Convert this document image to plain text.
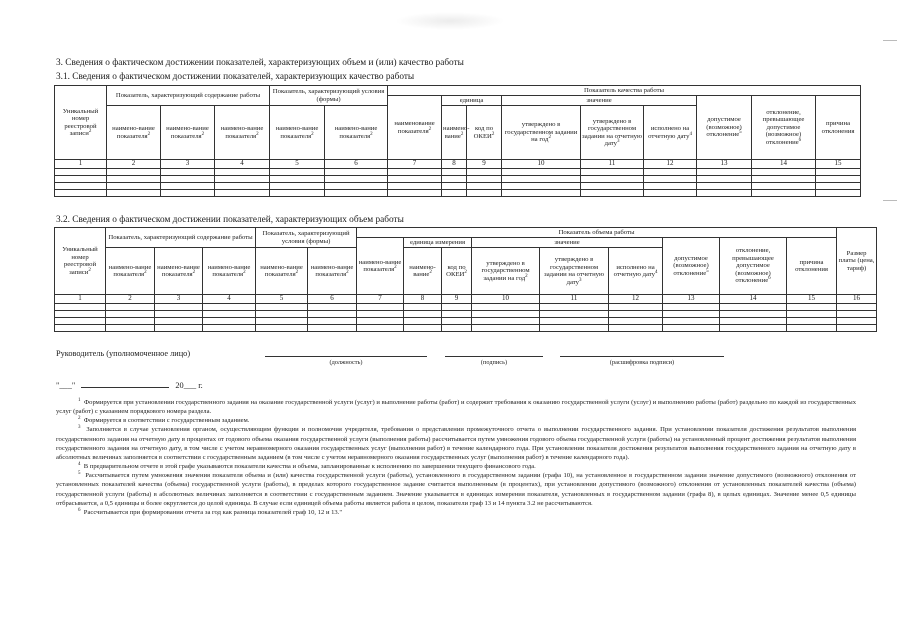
3. Сведения о фактическом достижении показателей, характеризующих объем и (или) качество работы
3.1. Сведения о фактическом достижении показателей, характеризующих качество работы
Уникальный номер реестровой записи$^2$	Показатель, характеризующий содержание работы			Показатель, характеризующий условия (формы)		Показатель качества работы								
						наименование показателя$^2$	единица		значение			допустимое (возможное) отклонение$^5$	отклонение, превышающее допустимое (возможное) отклонение$^6$	причина отклонения
	наимено-вание показателя$^2$	наимено-вание показателя$^2$	наимено-вание показателя$^2$	наимено-вание показателя$^2$	наимено-вание показателя$^2$		наимено-вание$^2$	код по ОКЕИ$^2$	утверждено в государственном задании на год$^2$	утверждено в государственном задании на отчетную дату$^3$	исполнено на отчетную дату$^4$
1	2	3	4	5	6	7	8	9	10	11	12	13	14	15

3.2. Сведения о фактическом достижении показателей, характеризующих объем работы
Уникальный номер реестровой записи$^2$	Показатель, характеризующий содержание работы			Показатель, характеризующий условия (формы)		Показатель объема работы									Размер платы (цена, тариф)
						наимено-вание показателя$^2$	единица измерения		значение			допустимое (возможное) отклонение$^5$	отклонение, превышающее допустимое (возможное) отклонение$^6$	причина отклонения	
	наимено-вание показателя$^2$	наимено-вание показателя$^2$	наимено-вание показателя$^2$	наимено-вание показателя$^2$	наимено-вание показателя$^2$		наимено-вание$^2$	код по ОКЕИ$^2$	утверждено в государственном задании на год$^2$	утверждено в государственном задании на отчетную дату$^3$	исполнено на отчетную дату$^4$
1	2	3	4	5	6	7	8	9	10	11	12	13	14	15	16

Руководитель (уполномоченное лицо)
(должность)	(подпись)	(расшифровка подписи)
"___"	20___ г.

$^1$ Формируется при установлении государственного задания на оказание государственной услуги (услуг) и выполнение работы (работ) и содержит требования к оказанию государственной услуги (услуг) и выполнению работы (работ) раздельно по каждой из государственных услуг (работ) с указанием порядкового номера раздела.

$^2$ Формируется в соответствии с государственным заданием.

$^3$ Заполняется в случае установления органом, осуществляющим функции и полномочия учредителя, требования о представлении промежуточного отчета о выполнении государственного задания. При установлении показателя достижения результатов выполнения государственного задания на отчетную дату в процентах от годового объема оказания государственной услуги (выполнения работы) рассчитывается путем умножения годового объема государственной услуги (работы) на установленный процент достижения результатов выполнения государственного задания на отчетную дату, в том числе с учетом неравномерного оказания государственных услуг (выполнения работ) в течение календарного года. При установлении показателя достижения результатов выполнения государственного задания на отчетную дату в абсолютных величинах заполняется в соответствии с государственным заданием (в том числе с учетом неравномерного оказания государственных услуг (выполнения работ) в течение календарного года).

$^4$ В предварительном отчете в этой графе указываются показатели качества и объема, запланированные к исполнению по завершении текущего финансового года.

$^5$ Рассчитывается путем умножения значения показателя объема и (или) качества государственной услуги (работы), установленного в государственном задании (графа 10), на установленное в государственном задании значение допустимого (возможного) отклонения от установленных показателей качества (объема) государственной услуги (работы), в пределах которого государственное задание считается выполненным (в процентах), при установлении допустимого (возможного) отклонения от установленных показателей качества (объема) государственной услуги (работы) в абсолютных величинах заполняется в соответствии с государственным заданием. Значение указывается в единицах измерения показателя, установленных в государственном задании (графа 8), в целых единицах. Значение менее 0,5 единицы отбрасывается, а 0,5 единицы и более округляется до целой единицы. В случае если единицей объема работы является работа в целом, показатели граф 13 и 14 пункта 3.2 не рассчитываются.

$^6$ Рассчитывается при формировании отчета за год как разница показателей граф 10, 12 и 13."
